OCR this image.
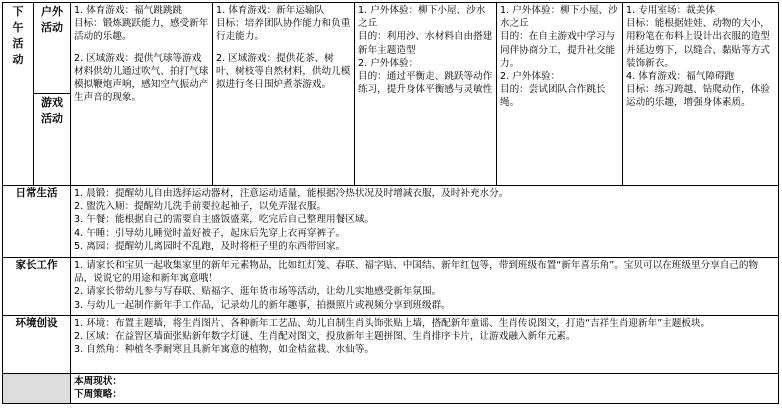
下午活动	户外活动	1. 体育游戏：福气跳跳跳
目标：锻炼跳跃能力，感受新年活动的乐趣。
2. 区域游戏：提供气球等游戏材料供幼儿通过吹气、拍打气球模拟鞭炮声响，感知空气振动产生声音的现象。	1. 体育游戏：新年运输队
目标：培养团队协作能力和负重行走能力。
2. 区域游戏：提供花茶、树叶、树枝等自然材料，供幼儿模拟进行冬日围炉煮茶游戏。	1. 户外体验：柳下小屋、沙水之丘
目的：利用沙、水材料自由搭建新年主题造型
2. 户外体验：
目的：通过平衡走、跳跃等动作练习，提升身体平衡感与灵敏性	1. 户外体验：柳下小屋、沙水之丘
目的：在自主游戏中学习与同伴协商分工，提升社交能力。
2. 户外体验：
目的：尝试团队合作跳长绳。	1. 专用室场：裁美体
目标：能根据娃娃、动物的大小，用粉笔在布料上设计出衣服的造型并延边剪下，以缝合、黏贴等方式装饰新衣。
4. 体育游戏：福气障碍跑
目标：练习跨越、钻爬动作，体验运动的乐趣，增强身体素质。

	游戏活动					

日常生活		1. 晨锻：提醒幼儿自由选择运动器材，注意运动适量，能根据冷热状况及时增减衣服，及时补充水分。
2. 盥洗入厕：提醒幼儿洗手前要拉起袖子，以免弄湿衣服。
3. 午餐：能根据自己的需要自主盛饭盛菜，吃完后自己整理用餐区域。
4. 午睡：引导幼儿睡觉时盖好被子，起床后先穿上衣再穿裤子。
5. 离园：提醒幼儿离园时不乱跑，及时将柜子里的东西带回家。				

家长工作		1. 请家长和宝贝一起收集家里的新年元素物品，比如红灯笼、春联、福字贴、中国结、新年红包等，带到班级布置“新年喜乐角”。宝贝可以在班级里分享自己的物品，说说它的用途和新年寓意哦！
2. 请家长带幼儿参与写春联、贴福字、逛年货市场等活动，让幼儿实地感受新年氛围。
3. 与幼儿一起制作新年手工作品，记录幼儿的新年趣事，拍摄照片或视频分享到班级群。				

环境创设		1. 环境：布置主题墙，将生肖图片、各种新年工艺品、幼儿自制生肖头饰张贴上墙，搭配新年童谣、生肖传说图文，打造“吉祥生肖迎新年”主题板块。
2. 区域：在益智区墙面张贴新年数字灯谜、生肖配对图文，投放新年主题拼图、生肖排序卡片，让游戏融入新年元素。
3. 自然角：种植冬季耐寒且具新年寓意的植物，如金桔盆栽、水仙等。				

		本周现状：
下周策略：				
